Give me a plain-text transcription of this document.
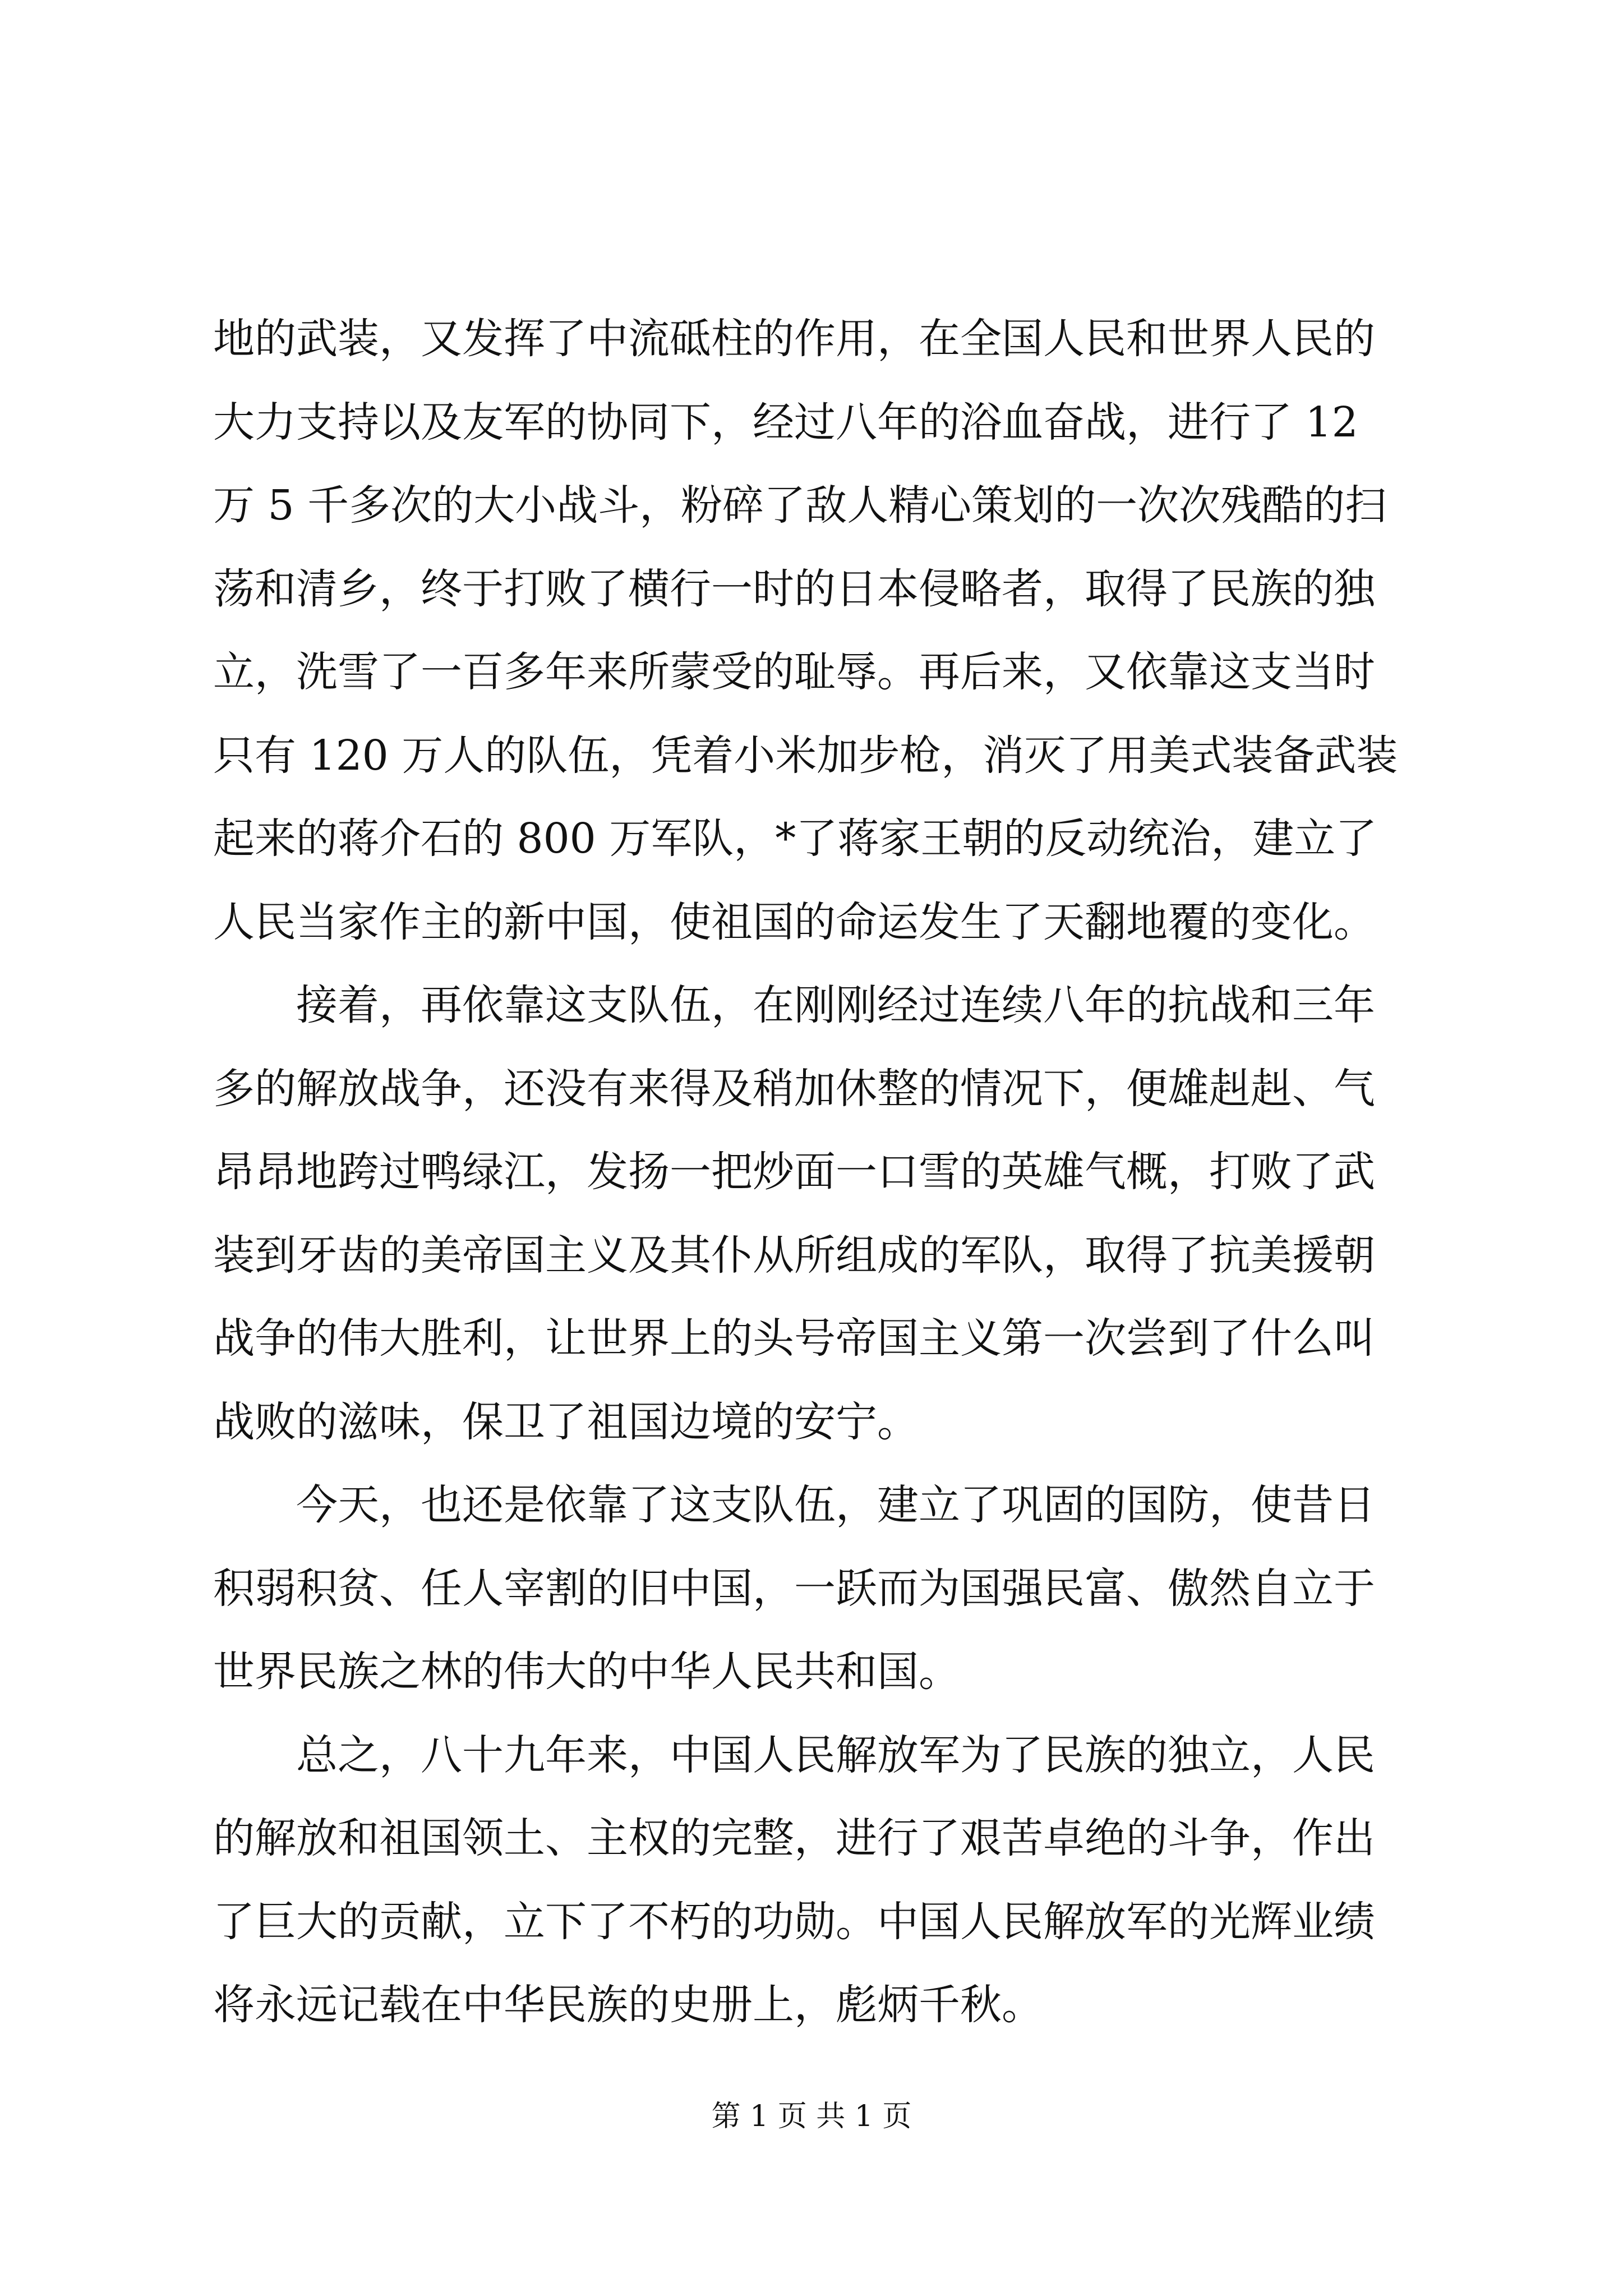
地的武装，又发挥了中流砥柱的作用，在全国人民和世界人民的
大力支持以及友军的协同下，经过八年的浴血奋战，进行了 12
万 5 千多次的大小战斗，粉碎了敌人精心策划的一次次残酷的扫
荡和清乡，终于打败了横行一时的日本侵略者，取得了民族的独
立，洗雪了一百多年来所蒙受的耻辱。再后来，又依靠这支当时
只有 120 万人的队伍，凭着小米加步枪，消灭了用美式装备武装
起来的蒋介石的 800 万军队，*了蒋家王朝的反动统治，建立了
人民当家作主的新中国，使祖国的命运发生了天翻地覆的变化。
　　接着，再依靠这支队伍，在刚刚经过连续八年的抗战和三年
多的解放战争，还没有来得及稍加休整的情况下，便雄赳赳、气
昂昂地跨过鸭绿江，发扬一把炒面一口雪的英雄气概，打败了武
装到牙齿的美帝国主义及其仆从所组成的军队，取得了抗美援朝
战争的伟大胜利，让世界上的头号帝国主义第一次尝到了什么叫
战败的滋味，保卫了祖国边境的安宁。
　　今天，也还是依靠了这支队伍，建立了巩固的国防，使昔日
积弱积贫、任人宰割的旧中国，一跃而为国强民富、傲然自立于
世界民族之林的伟大的中华人民共和国。
　　总之，八十九年来，中国人民解放军为了民族的独立，人民
的解放和祖国领土、主权的完整，进行了艰苦卓绝的斗争，作出
了巨大的贡献，立下了不朽的功勋。中国人民解放军的光辉业绩
将永远记载在中华民族的史册上，彪炳千秋。
第 1 页 共 1 页
